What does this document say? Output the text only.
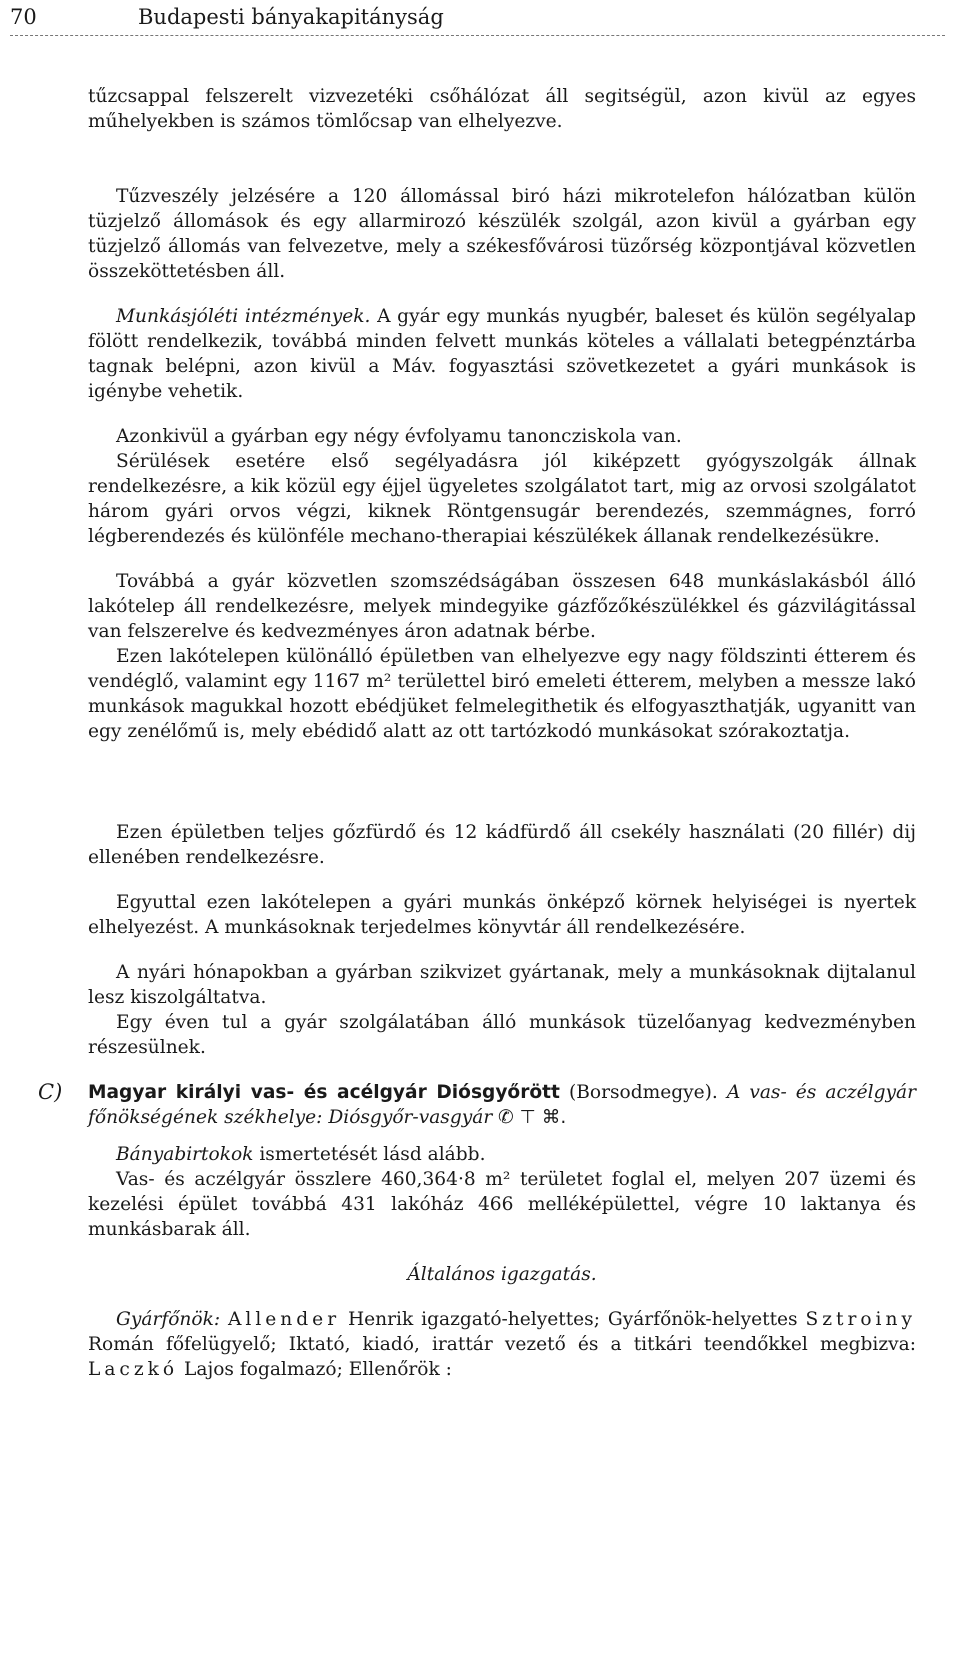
70	Budapesti bányakapitányság

tűzcsappal felszerelt vizvezetéki csőhálózat áll segitségül, azon kivül az egyes műhelyekben is számos tömlőcsap van elhelyezve.

Tűzveszély jelzésére a 120 állomással biró házi mikrotelefon hálózatban külön tüzjelző állomások és egy allarmirozó készülék szolgál, azon kivül a gyárban egy tüzjelző állomás van felvezetve, mely a székesfővárosi tüzőrség központjával közvetlen összeköttetésben áll.

Munkásjóléti intézmények. A gyár egy munkás nyugbér, baleset és külön segélyalap fölött rendelkezik, továbbá minden felvett munkás köteles a vállalati betegpénztárba tagnak belépni, azon kivül a Máv. fogyasztási szövetkezetet a gyári munkások is igénybe vehetik.

Azonkivül a gyárban egy négy évfolyamu tanoncziskola van.

Sérülések esetére első segélyadásra jól kiképzett gyógyszolgák állnak rendelkezésre, a kik közül egy éjjel ügyeletes szolgálatot tart, mig az orvosi szolgálatot három gyári orvos végzi, kiknek Röntgensugár berendezés, szemmágnes, forró légberendezés és különféle mechano-therapiai készülékek állanak rendelkezésükre.

Továbbá a gyár közvetlen szomszédságában összesen 648 munkáslakásból álló lakótelep áll rendelkezésre, melyek mindegyike gázfőzőkészülékkel és gázvilágitással van felszerelve és kedvezményes áron adatnak bérbe.

Ezen lakótelepen különálló épületben van elhelyezve egy nagy földszinti étterem és vendéglő, valamint egy 1167 m² területtel biró emeleti étterem, melyben a messze lakó munkások magukkal hozott ebédjüket felmelegithetik és elfogyaszthatják, ugyanitt van egy zenélőmű is, mely ebédidő alatt az ott tartózkodó munkásokat szórakoztatja.

Ezen épületben teljes gőzfürdő és 12 kádfürdő áll csekély használati (20 fillér) dij ellenében rendelkezésre.

Egyuttal ezen lakótelepen a gyári munkás önképző körnek helyiségei is nyertek elhelyezést. A munkásoknak terjedelmes könyvtár áll rendelkezésére.

A nyári hónapokban a gyárban szikvizet gyártanak, mely a munkásoknak dijtalanul lesz kiszolgáltatva.

Egy éven tul a gyár szolgálatában álló munkások tüzelőanyag kedvezményben részesülnek.

C) Magyar királyi vas- és acélgyár Diósgyőrött (Borsodmegye). A vas- és aczélgyár főnökségének székhelye: Diósgyőr-vasgyár ✆ ⊤ ⌘.

Bányabirtokok ismertetését lásd alább.

Vas- és aczélgyár összlere 460,364·8 m² területet foglal el, melyen 207 üzemi és kezelési épület továbbá 431 lakóház 466 melléképülettel, végre 10 laktanya és munkásbarak áll.

Általános igazgatás.

Gyárfőnök: Allender Henrik igazgató-helyettes; Gyárfőnök-helyettes Sztroiny Román főfelügyelő; Iktató, kiadó, irattár vezető és a titkári teendőkkel megbizva: Laczkó Lajos fogalmazó; Ellenőrök :
